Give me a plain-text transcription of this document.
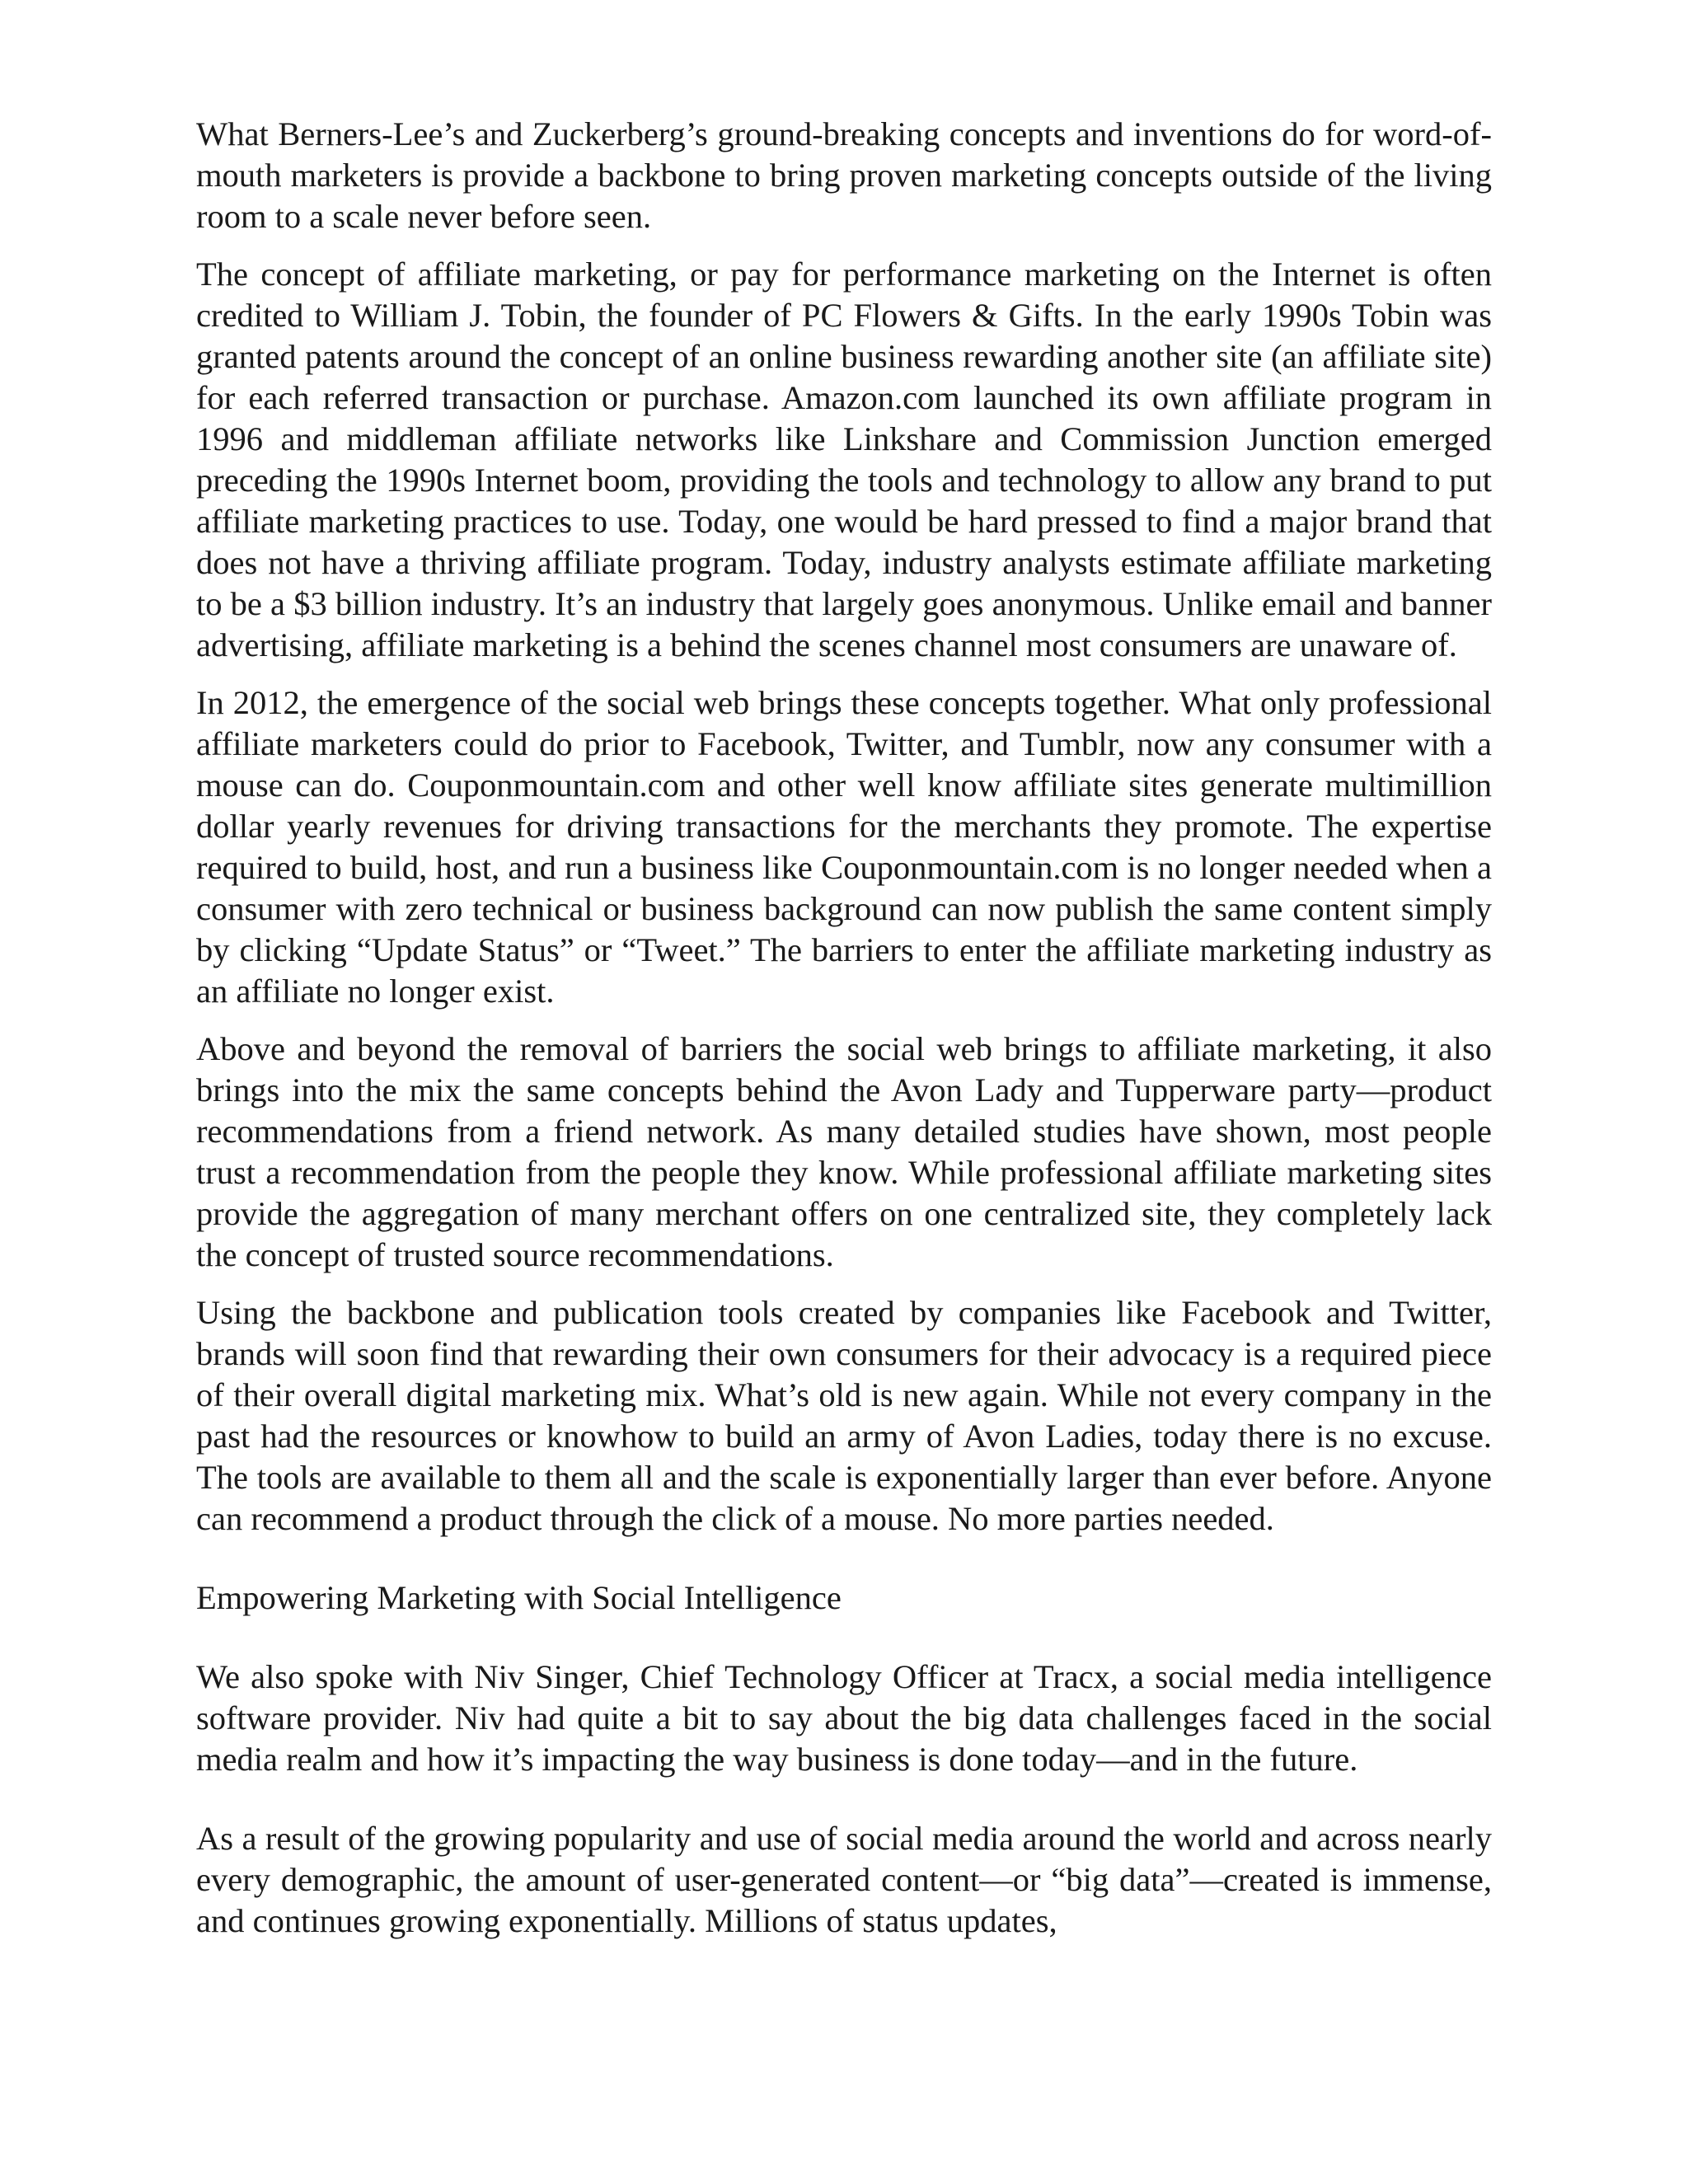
What Berners-Lee’s and Zuckerberg’s ground-breaking concepts and inventions do for word-of-mouth marketers is provide a backbone to bring proven marketing concepts outside of the living room to a scale never before seen.

The concept of affiliate marketing, or pay for performance marketing on the Internet is often credited to William J. Tobin, the founder of PC Flowers & Gifts. In the early 1990s Tobin was granted patents around the concept of an online business rewarding another site (an affiliate site) for each referred transaction or purchase. Amazon.com launched its own affiliate program in 1996 and middleman affiliate networks like Linkshare and Commission Junction emerged preceding the 1990s Internet boom, providing the tools and technology to allow any brand to put affiliate marketing practices to use. Today, one would be hard pressed to find a major brand that does not have a thriving affiliate program. Today, industry analysts estimate affiliate marketing to be a $3 billion industry. It’s an industry that largely goes anonymous. Unlike email and banner advertising, affiliate marketing is a behind the scenes channel most consumers are unaware of.

In 2012, the emergence of the social web brings these concepts together. What only professional affiliate marketers could do prior to Facebook, Twitter, and Tumblr, now any consumer with a mouse can do. Couponmountain.com and other well know affiliate sites generate multimillion dollar yearly revenues for driving transactions for the merchants they promote. The expertise required to build, host, and run a business like Couponmountain.com is no longer needed when a consumer with zero technical or business background can now publish the same content simply by clicking “Update Status” or “Tweet.” The barriers to enter the affiliate marketing industry as an affiliate no longer exist.

Above and beyond the removal of barriers the social web brings to affiliate marketing, it also brings into the mix the same concepts behind the Avon Lady and Tupperware party—product recommendations from a friend network. As many detailed studies have shown, most people trust a recommendation from the people they know. While professional affiliate marketing sites provide the aggregation of many merchant offers on one centralized site, they completely lack the concept of trusted source recommendations.

Using the backbone and publication tools created by companies like Facebook and Twitter, brands will soon find that rewarding their own consumers for their advocacy is a required piece of their overall digital marketing mix. What’s old is new again. While not every company in the past had the resources or knowhow to build an army of Avon Ladies, today there is no excuse. The tools are available to them all and the scale is exponentially larger than ever before. Anyone can recommend a product through the click of a mouse. No more parties needed.

Empowering Marketing with Social Intelligence

We also spoke with Niv Singer, Chief Technology Officer at Tracx, a social media intelligence software provider. Niv had quite a bit to say about the big data challenges faced in the social media realm and how it’s impacting the way business is done today—and in the future.

As a result of the growing popularity and use of social media around the world and across nearly every demographic, the amount of user-generated content—or “big data”—created is immense, and continues growing exponentially. Millions of status updates,
